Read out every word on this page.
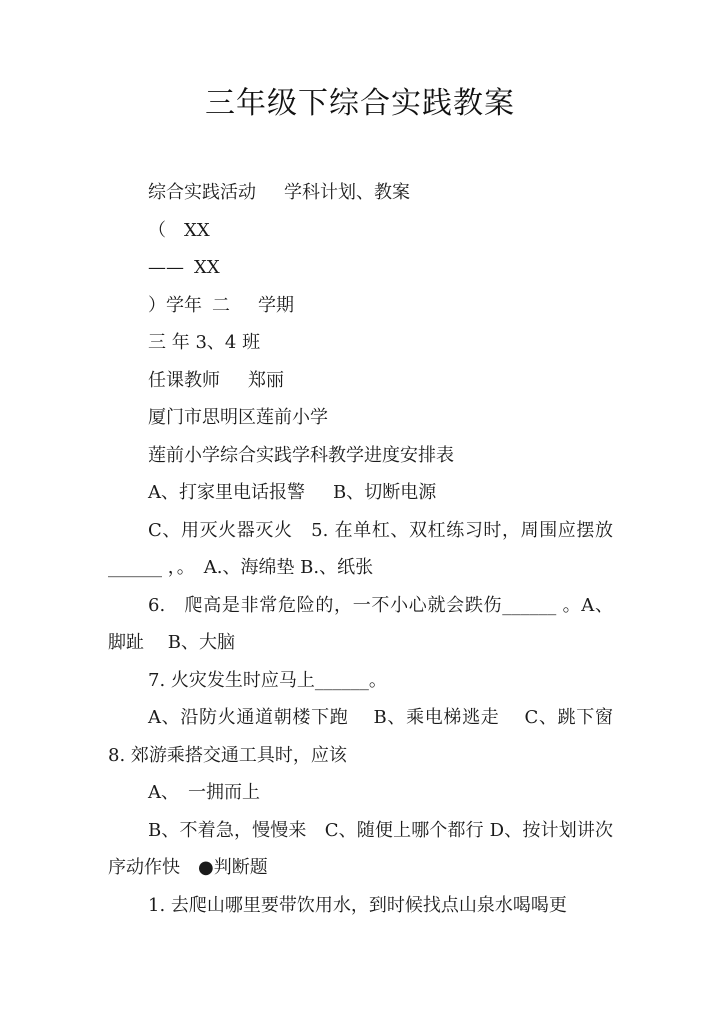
三年级下综合实践教案

综合实践活动 学科计划、教案

（ XX

—— XX

）学年 二 学期

三 年 3、4 班

任课教师 郑丽

厦门市思明区莲前小学

莲前小学综合实践学科教学进度安排表

A、打家里电话报警 B、切断电源

C、用灭火器灭火　5. 在单杠、双杠练习时，周围应摆放______ ，。　A.、海绵垫 B.、纸张

6.　爬高是非常危险的，一不小心就会跌伤______ 。A、脚趾　 B、大脑

7. 火灾发生时应马上______。

A、沿防火通道朝楼下跑　 B、乘电梯逃走　 C、跳下窗　8. 郊游乘搭交通工具时，应该

A、　一拥而上

B、不着急，慢慢来　C、随便上哪个都行 D、按计划讲次序动作快　●判断题

1. 去爬山哪里要带饮用水，到时候找点山泉水喝喝更
